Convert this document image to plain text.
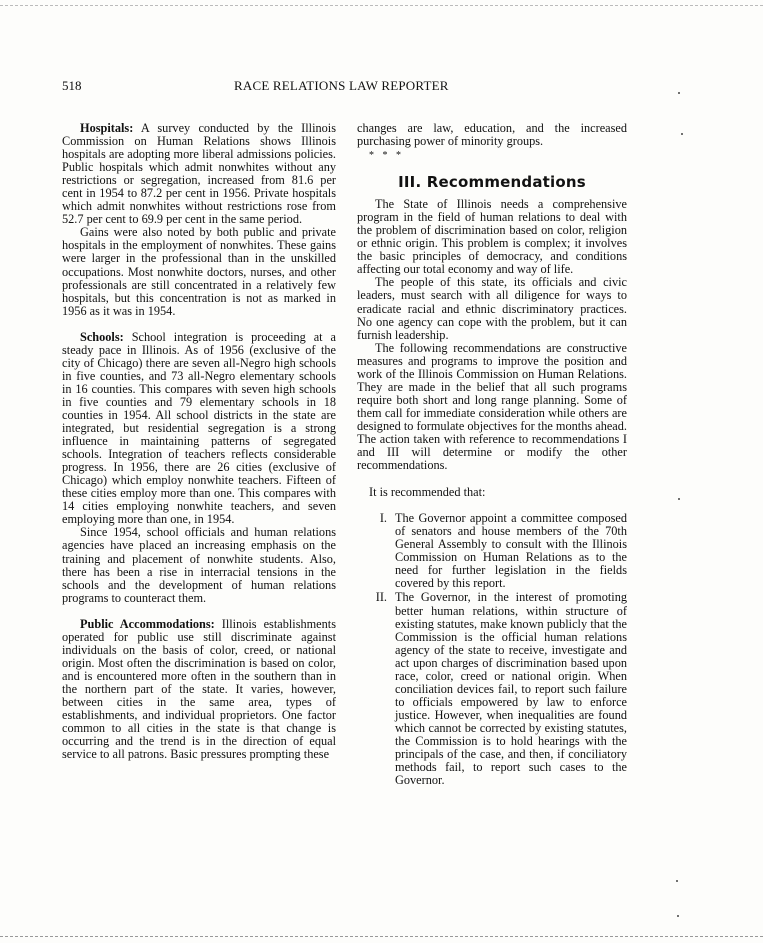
518	RACE RELATIONS LAW REPORTER

Hospitals: A survey conducted by the Illinois Commission on Human Relations shows Illinois hospitals are adopting more liberal admissions policies. Public hospitals which admit nonwhites without any restrictions or segregation, increased from 81.6 per cent in 1954 to 87.2 per cent in 1956. Private hospitals which admit nonwhites without restrictions rose from 52.7 per cent to 69.9 per cent in the same period.

Gains were also noted by both public and private hospitals in the employment of nonwhites. These gains were larger in the professional than in the unskilled occupations. Most nonwhite doctors, nurses, and other professionals are still concentrated in a relatively few hospitals, but this concentration is not as marked in 1956 as it was in 1954.

Schools: School integration is proceeding at a steady pace in Illinois. As of 1956 (exclusive of the city of Chicago) there are seven all-Negro high schools in five counties, and 73 all-Negro elementary schools in 16 counties. This compares with seven high schools in five counties and 79 elementary schools in 18 counties in 1954. All school districts in the state are integrated, but residential segregation is a strong influence in maintaining patterns of segregated schools. Integration of teachers reflects considerable progress. In 1956, there are 26 cities (exclusive of Chicago) which employ nonwhite teachers. Fifteen of these cities employ more than one. This compares with 14 cities employing nonwhite teachers, and seven employing more than one, in 1954.

Since 1954, school officials and human relations agencies have placed an increasing emphasis on the training and placement of nonwhite students. Also, there has been a rise in interracial tensions in the schools and the development of human relations programs to counteract them.

Public Accommodations: Illinois establishments operated for public use still discriminate against individuals on the basis of color, creed, or national origin. Most often the discrimination is based on color, and is encountered more often in the southern than in the northern part of the state. It varies, however, between cities in the same area, types of establishments, and individual proprietors. One factor common to all cities in the state is that change is occurring and the trend is in the direction of equal service to all patrons. Basic pressures prompting these

changes are law, education, and the increased purchasing power of minority groups.

* * *
III. Recommendations

The State of Illinois needs a comprehensive program in the field of human relations to deal with the problem of discrimination based on color, religion or ethnic origin. This problem is complex; it involves the basic principles of democracy, and conditions affecting our total economy and way of life.

The people of this state, its officials and civic leaders, must search with all diligence for ways to eradicate racial and ethnic discriminatory practices. No one agency can cope with the problem, but it can furnish leadership.

The following recommendations are constructive measures and programs to improve the position and work of the Illinois Commission on Human Relations. They are made in the belief that all such programs require both short and long range planning. Some of them call for immediate consideration while others are designed to formulate objectives for the months ahead. The action taken with reference to recommendations I and III will determine or modify the other recommendations.

It is recommended that:

I. The Governor appoint a committee composed of senators and house members of the 70th General Assembly to consult with the Illinois Commission on Human Relations as to the need for further legislation in the fields covered by this report.
II. The Governor, in the interest of promoting better human relations, within structure of existing statutes, make known publicly that the Commission is the official human relations agency of the state to receive, investigate and act upon charges of discrimination based upon race, color, creed or national origin. When conciliation devices fail, to report such failure to officials empowered by law to enforce justice. However, when inequalities are found which cannot be corrected by existing statutes, the Commission is to hold hearings with the principals of the case, and then, if conciliatory methods fail, to report such cases to the Governor.
